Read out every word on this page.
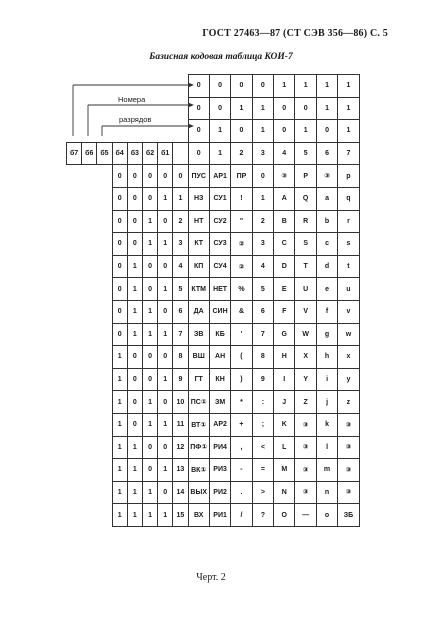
ГОСТ 27463—87 (СТ СЭВ 356—86) С. 5
Базисная кодовая таблица КОИ-7
Номера
разрядов
								0	0	0	0	1	1	1	1
								0	0	1	1	0	0	1	1
								0	1	0	1	0	1	0	1
б7	б6	б5	б4	б3	б2	б1		0	1	2	3	4	5	6	7
			0	0	0	0	0	ПУС	АР1	ПР	0	③	P	③	p
			0	0	0	1	1	НЗ	СУ1	!	1	A	Q	a	q
			0	0	1	0	2	НТ	СУ2	"	2	B	R	b	r
			0	0	1	1	3	КТ	СУ3	②	3	C	S	c	s
			0	1	0	0	4	КП	СУ4	②	4	D	T	d	t
			0	1	0	1	5	КТМ	НЕТ	%	5	E	U	e	u
			0	1	1	0	6	ДА	СИН	&	6	F	V	f	v
			0	1	1	1	7	ЗВ	КБ	'	7	G	W	g	w
			1	0	0	0	8	ВШ	АН	(	8	H	X	h	x
			1	0	0	1	9	ГТ	КН	)	9	I	Y	i	y
			1	0	1	0	10	ПС①	ЗМ	*	:	J	Z	j	z
			1	0	1	1	11	ВТ①	АР2	+	;	K	③	k	③
			1	1	0	0	12	ПФ①	РИ4	,	<	L	③	l	③
			1	1	0	1	13	ВК①	РИ3	-	=	M	③	m	③
			1	1	1	0	14	ВЫХ	РИ2	.	>	N	③	n	③
			1	1	1	1	15	ВХ	РИ1	/	?	O	—	o	ЗБ
Черт. 2
